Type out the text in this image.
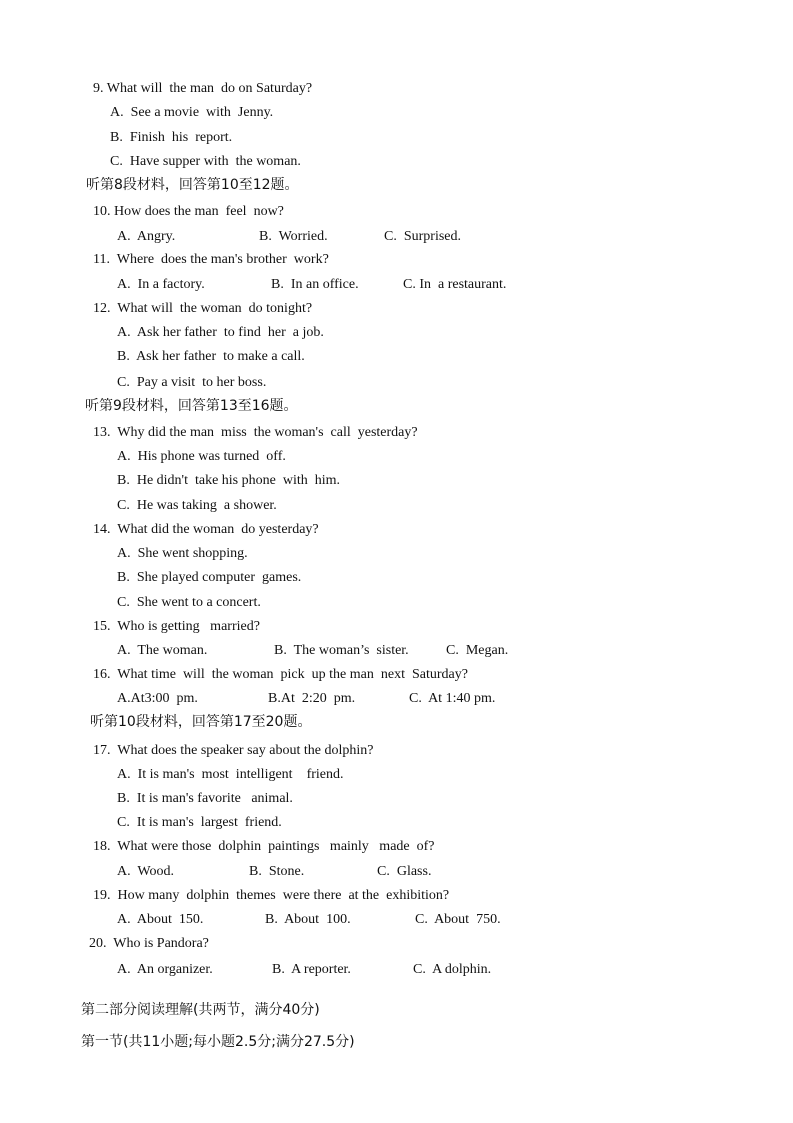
9. What will  the man  do on Saturday?
A.  See a movie  with  Jenny.
B.  Finish  his  report.
C.  Have supper with  the woman.
听第8段材料，回答第10至12题。
10. How does the man  feel  now?
A.  Angry.	B.  Worried.	C.  Surprised.
11.  Where  does the man's brother  work?
A.  In a factory.	B.  In an office.	C. In  a restaurant.
12.  What will  the woman  do tonight?
A.  Ask her father  to find  her  a job.
B.  Ask her father  to make a call.
C.  Pay a visit  to her boss.
听第9段材料，回答第13至16题。
13.  Why did the man  miss  the woman's  call  yesterday?
A.  His phone was turned  off.
B.  He didn't  take his phone  with  him.
C.  He was taking  a shower.
14.  What did the woman  do yesterday?
A.  She went shopping.
B.  She played computer  games.
C.  She went to a concert.
15.  Who is getting   married?
A.  The woman.	B.  The woman’s  sister.	C.  Megan.
16.  What time  will  the woman  pick  up the man  next  Saturday?
A.At3:00  pm.	B.At  2:20  pm.	C.  At 1:40 pm.
听第10段材料，回答第17至20题。
17.  What does the speaker say about the dolphin?
A.  It is man's  most  intelligent    friend.
B.  It is man's favorite   animal.
C.  It is man's  largest  friend.
18.  What were those  dolphin  paintings   mainly   made  of?
A.  Wood.	B.  Stone.	C.  Glass.
19.  How many  dolphin  themes  were there  at the  exhibition?
A.  About  150.	B.  About  100.	C.  About  750.
20.  Who is Pandora?
A.  An organizer.	B.  A reporter.	C.  A dolphin.
第二部分阅读理解(共两节，满分40分)
第一节(共11小题;每小题2.5分;满分27.5分)
